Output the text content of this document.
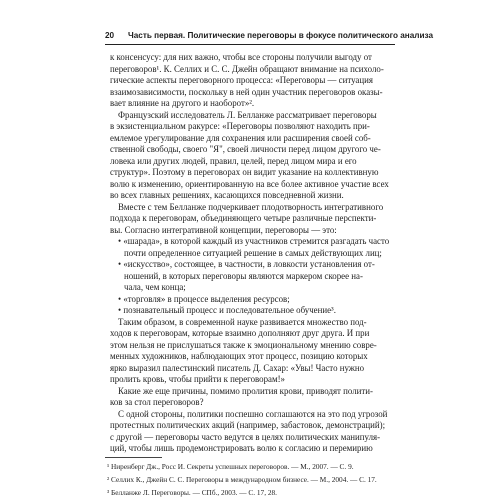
20 Часть первая. Политические переговоры в фокусе политического анализа
к консенсусу: для них важно, чтобы все стороны получили выгоду от
переговоров¹. К. Селлих и С. С. Джейн обращают внимание на психоло-
гические аспекты переговорного процесса: «Переговоры — ситуация
взаимозависимости, поскольку в ней один участник переговоров оказы-
вает влияние на другого и наоборот»².
Французский исследователь Л. Белланже рассматривает переговоры
в экзистенциальном ракурсе: «Переговоры позволяют находить при-
емлемое урегулирование для сохранения или расширения своей соб-
ственной свободы, своего "Я", своей личности перед лицом другого че-
ловека или других людей, правил, целей, перед лицом мира и его
структур». Поэтому в переговорах он видит указание на коллективную
волю к изменению, ориентированную на все более активное участие всех
во всех главных решениях, касающихся повседневной жизни.
Вместе с тем Белланже подчеркивает плодотворность интегративного
подхода к переговорам, объединяющего четыре различные перспекти-
вы. Согласно интегративной концепции, переговоры — это:
• «шарада», в которой каждый из участников стремится разгадать часто
почти определенное ситуацией решение в самых действующих лиц;
• «искусство», состоящее, в частности, в ловкости установления от-
ношений, в которых переговоры являются маркером скорее на-
чала, чем конца;
• «торговля» в процессе выделения ресурсов;
• познавательный процесс и последовательное обучение³.
Таким образом, в современной науке развивается множество под-
ходов к переговорам, которые взаимно дополняют друг друга. И при
этом нельзя не прислушаться также к эмоциональному мнению совре-
менных художников, наблюдающих этот процесс, позицию которых
ярко выразил палестинский писатель Д. Сахар: «Увы! Часто нужно
пролить кровь, чтобы прийти к переговорам!»
Какие же еще причины, помимо пролития крови, приводят полити-
ков за стол переговоров?
С одной стороны, политики поспешно соглашаются на это под угрозой
протестных политических акций (например, забастовок, демонстраций);
с другой — переговоры часто ведутся в целях политических манипуля-
ций, чтобы лишь продемонстрировать волю к согласию и перемирию
¹ Ниренберг Дж., Росс И. Секреты успешных переговоров. — М., 2007. — С. 9.
² Селлих К., Джейн С. С. Переговоры в международном бизнесе. — М., 2004. — С. 17.
³ Белланже Л. Переговоры. — СПб., 2003. — С. 17, 28.
